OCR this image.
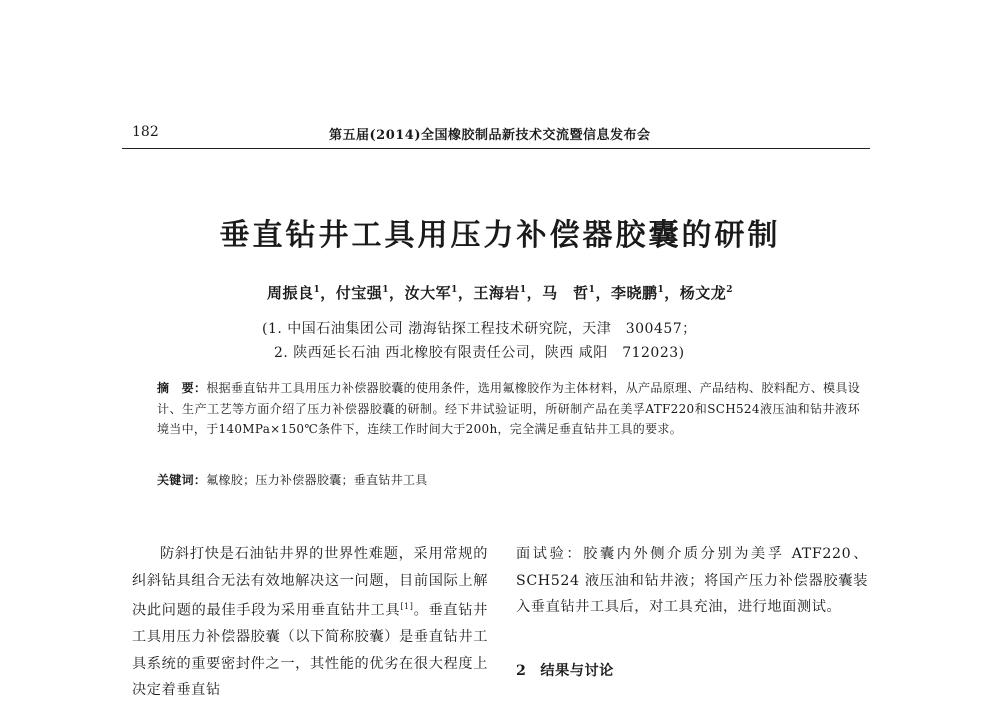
182	第五届(2014)全国橡胶制品新技术交流暨信息发布会
垂直钻井工具用压力补偿器胶囊的研制
周振良$^1$，付宝强$^1$，汝大军$^1$，王海岩$^1$，马　哲$^1$，李晓鹏$^1$，杨文龙$^2$
(1. 中国石油集团公司 渤海钻探工程技术研究院，天津　300457；
2. 陕西延长石油 西北橡胶有限责任公司，陕西 咸阳　712023)
摘　要：根据垂直钻井工具用压力补偿器胶囊的使用条件，选用氟橡胶作为主体材料，从产品原理、产品结构、胶料配方、模具设计、生产工艺等方面介绍了压力补偿器胶囊的研制。经下井试验证明，所研制产品在美孚ATF220和SCH524液压油和钻井液环境当中，于140MPa×150℃条件下，连续工作时间大于200h，完全满足垂直钻井工具的要求。
关键词：氟橡胶；压力补偿器胶囊；垂直钻井工具
防斜打快是石油钻井界的世界性难题，采用常规的纠斜钻具组合无法有效地解决这一问题，目前国际上解决此问题的最佳手段为采用垂直钻井工具[1]。垂直钻井工具用压力补偿器胶囊（以下简称胶囊）是垂直钻井工具系统的重要密封件之一，其性能的优劣在很大程度上决定着垂直钻
面试验：胶囊内外侧介质分别为美孚 ATF220、SCH524 液压油和钻井液；将国产压力补偿器胶囊装入垂直钻井工具后，对工具充油，进行地面测试。
2 结果与讨论
